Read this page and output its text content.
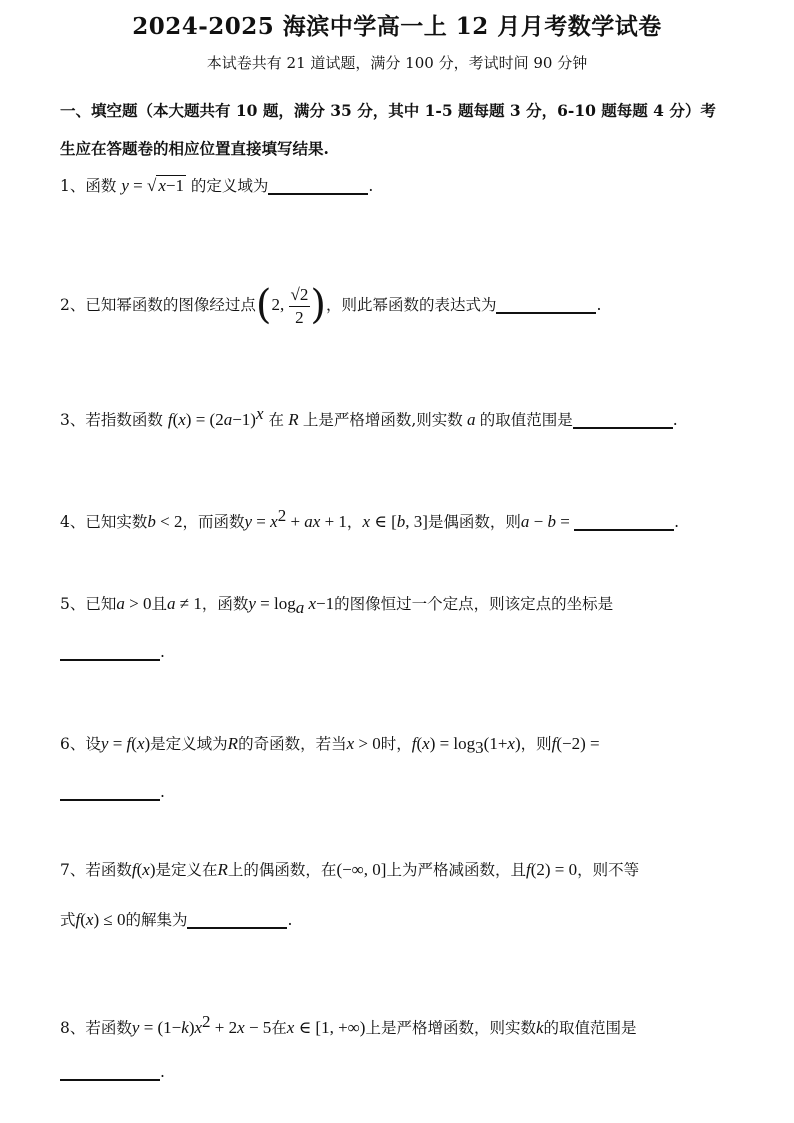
2024-2025 海滨中学高一上 12 月月考数学试卷
本试卷共有 21 道试题，满分 100 分，考试时间 90 分钟
一、填空题（本大题共有 10 题，满分 35 分，其中 1-5 题每题 3 分，6-10 题每题 4 分）考
生应在答题卷的相应位置直接填写结果.
1、函数 y = √ x−1 的定义域为	.
2、已知幂函数的图像经过点(2, $\frac{√2}{2}$ )，则此幂函数的表达式为	.
3、若指数函数 $f(x) = (2a-1)^x$ 在 R 上是严格增函数,则实数 a 的取值范围是	.
4、已知实数b < 2，而函数$y = x^2$ + ax + 1，x ∈ [b, 3]是偶函数，则a − b =	.
5、已知a > 0且a ≠ 1，函数$y = \log_a x-1$的图像恒过一个定点，则该定点的坐标是
.
6、设y = f(x)是定义域为R的奇函数，若当x > 0时，$f(x) = \log_3(1+x)$，则f(−2) =
.
7、若函数f(x)是定义在R上的偶函数，在(−∞, 0]上为严格减函数，且f(2) = 0，则不等
式f(x) ≤ 0的解集为	.
8、若函数$y = (1-k)x^2 + 2x - 5$在x ∈ [1, +∞)上是严格增函数，则实数k的取值范围是
.
